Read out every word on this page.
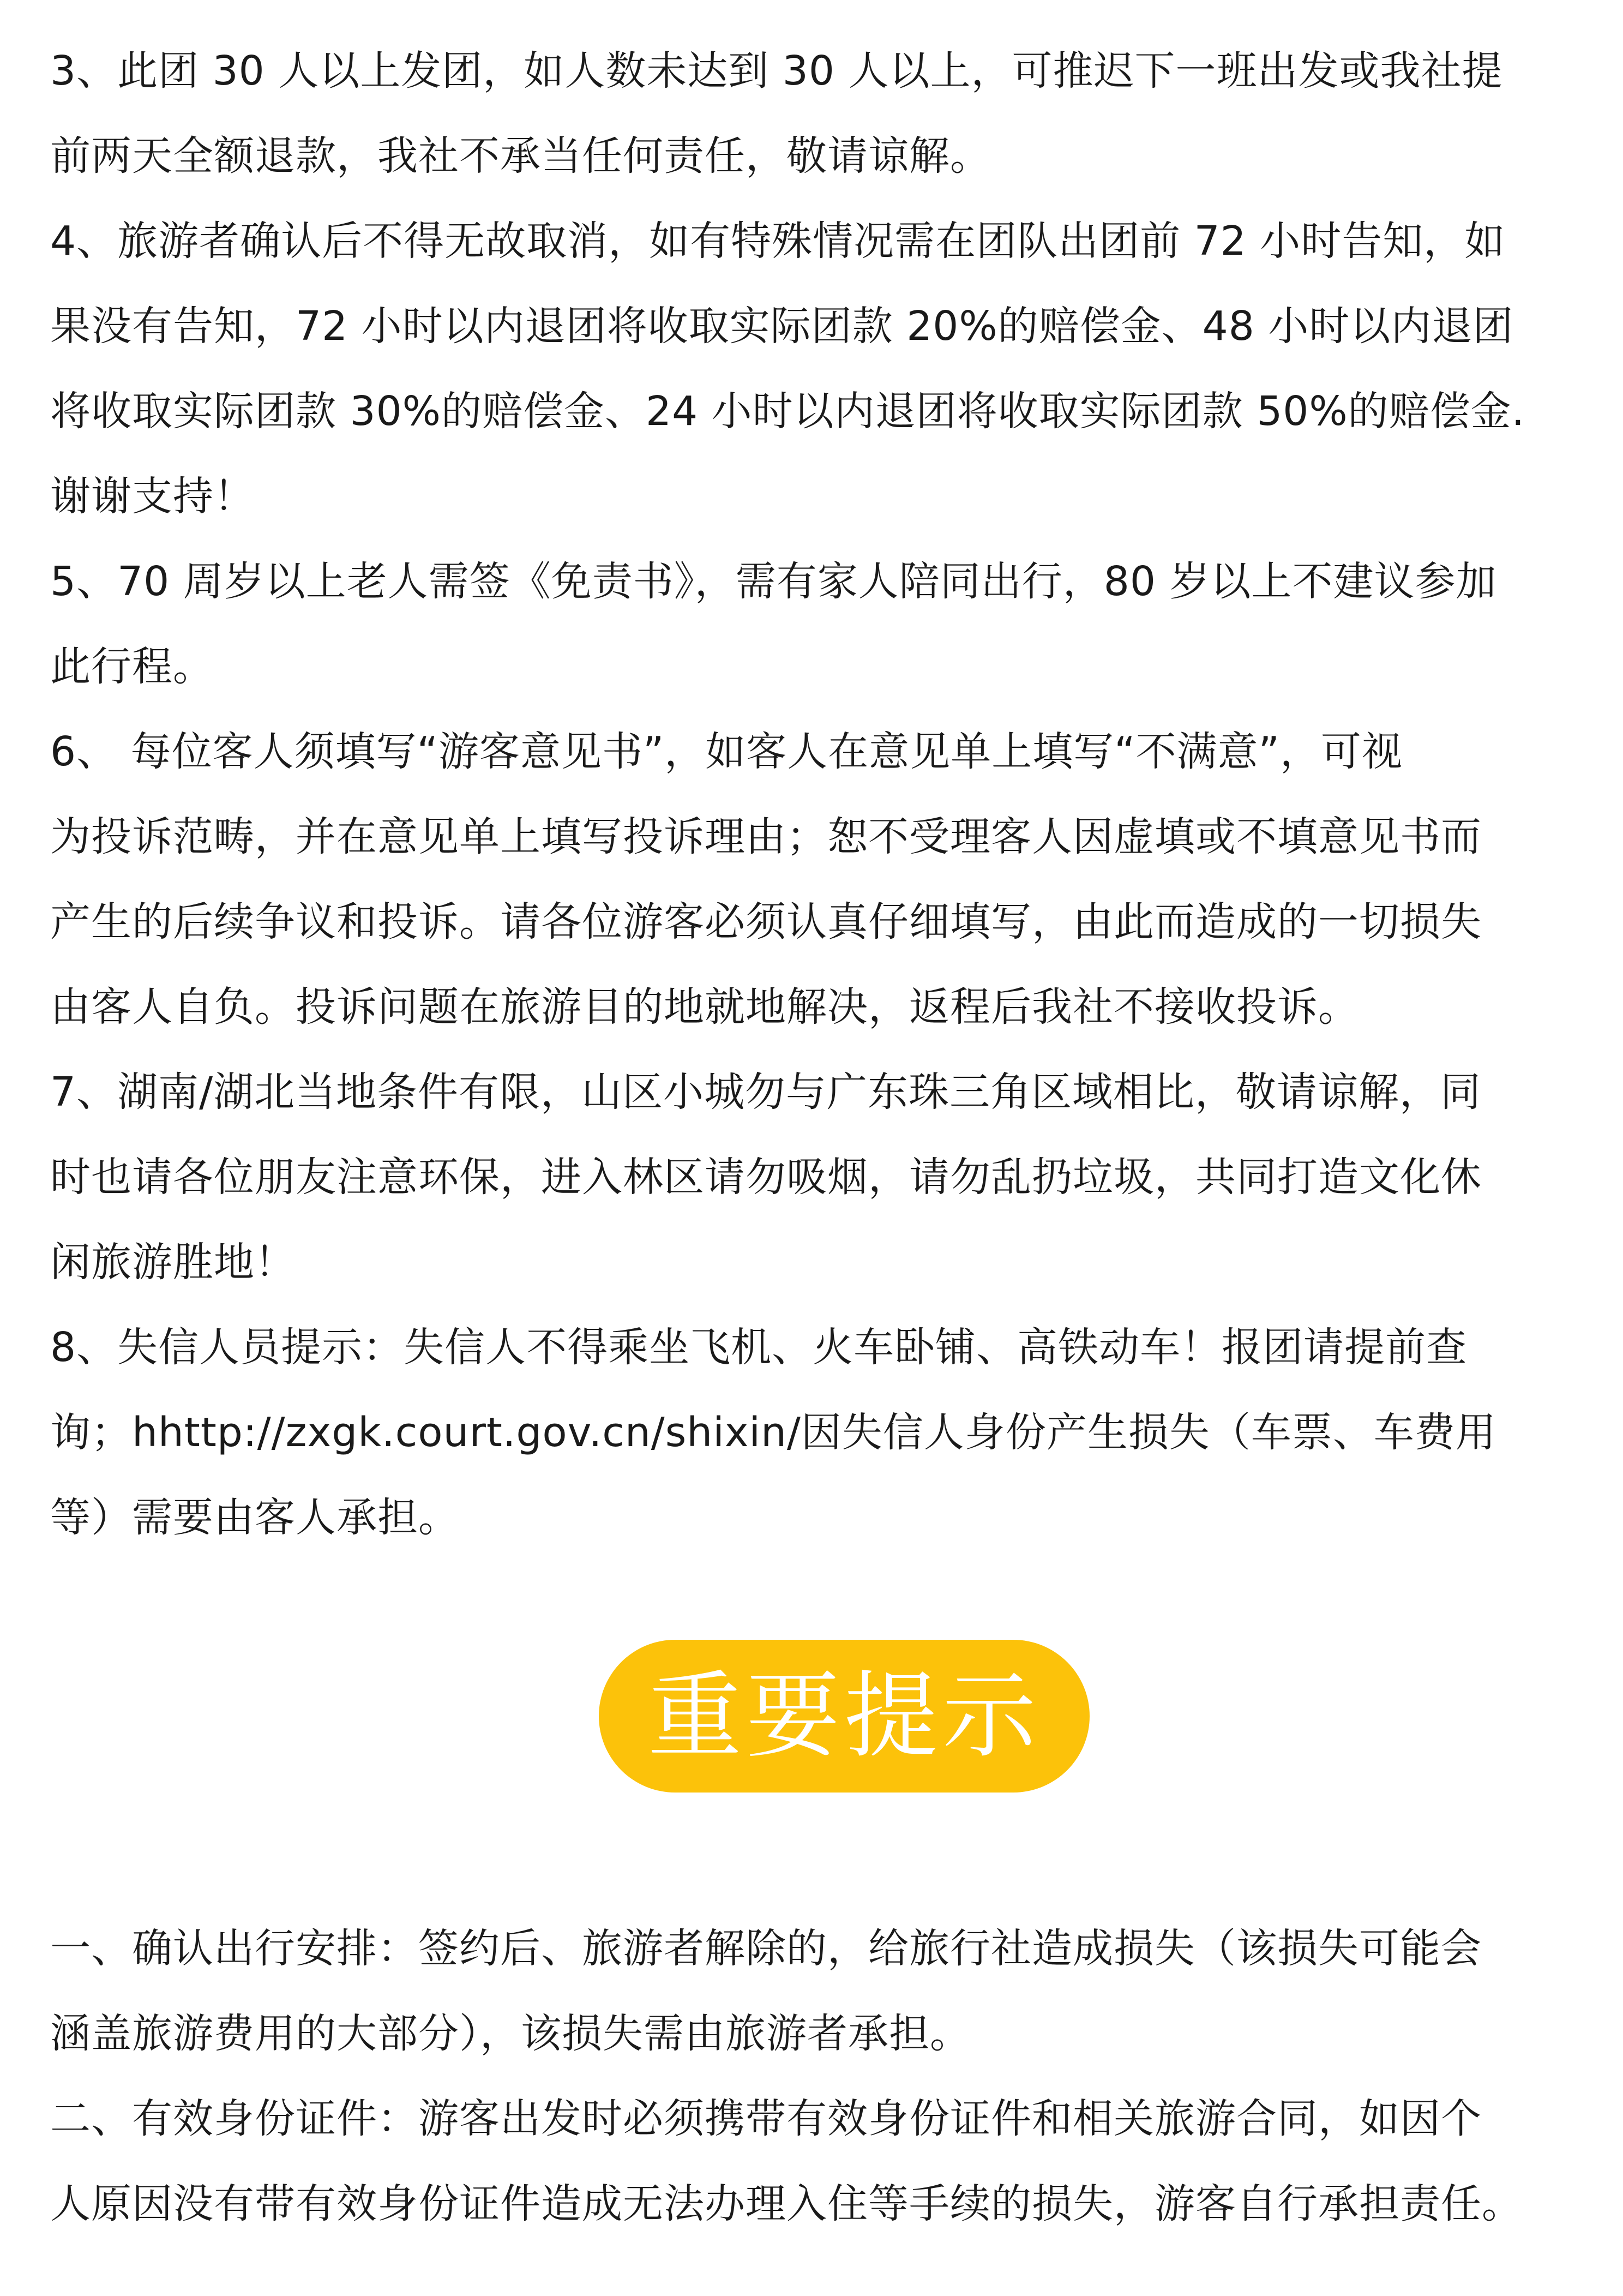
3、此团 30 人以上发团，如人数未达到 30 人以上，可推迟下一班出发或我社提
前两天全额退款，我社不承当任何责任，敬请谅解。
4、旅游者确认后不得无故取消，如有特殊情况需在团队出团前 72 小时告知，如
果没有告知，72 小时以内退团将收取实际团款 20%的赔偿金、48 小时以内退团
将收取实际团款 30%的赔偿金、24 小时以内退团将收取实际团款 50%的赔偿金.
谢谢支持！
5、70 周岁以上老人需签《免责书》，需有家人陪同出行，80 岁以上不建议参加
此行程。
6、 每位客人须填写“游客意见书”，如客人在意见单上填写“不满意”，可视
为投诉范畴，并在意见单上填写投诉理由；恕不受理客人因虚填或不填意见书而
产生的后续争议和投诉。请各位游客必须认真仔细填写，由此而造成的一切损失
由客人自负。投诉问题在旅游目的地就地解决，返程后我社不接收投诉。
7、湖南/湖北当地条件有限，山区小城勿与广东珠三角区域相比，敬请谅解，同
时也请各位朋友注意环保，进入林区请勿吸烟，请勿乱扔垃圾，共同打造文化休
闲旅游胜地！
8、失信人员提示：失信人不得乘坐飞机、火车卧铺、高铁动车！报团请提前查
询；hhttp://zxgk.court.gov.cn/shixin/因失信人身份产生损失（车票、车费用
等）需要由客人承担。
重要提示
一、确认出行安排：签约后、旅游者解除的，给旅行社造成损失（该损失可能会
涵盖旅游费用的大部分），该损失需由旅游者承担。
二、有效身份证件：游客出发时必须携带有效身份证件和相关旅游合同，如因个
人原因没有带有效身份证件造成无法办理入住等手续的损失，游客自行承担责任。
